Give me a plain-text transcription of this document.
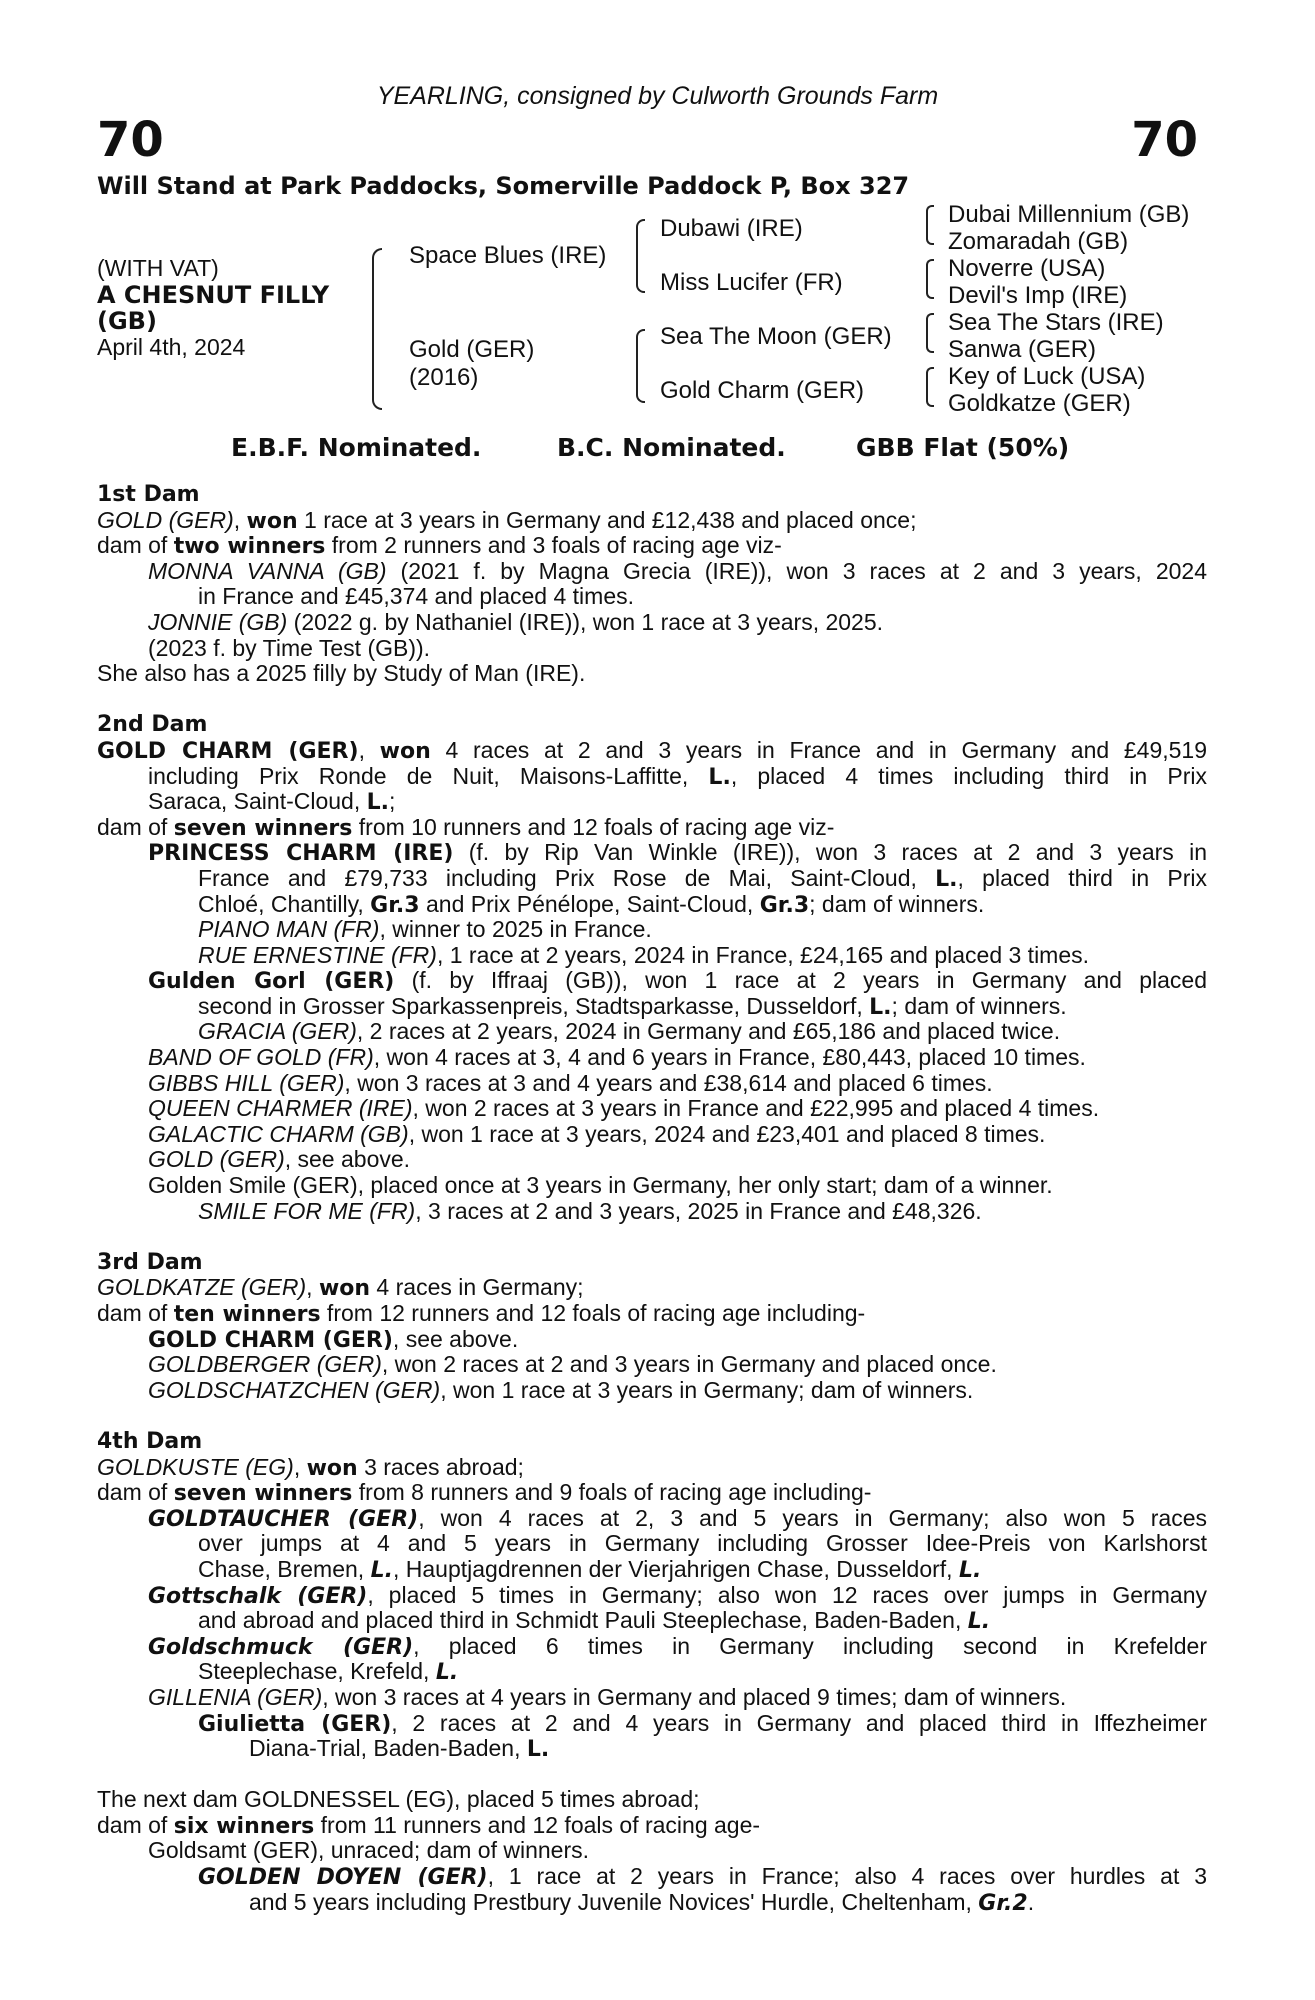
YEARLING, consigned by Culworth Grounds Farm
70	70
Will Stand at Park Paddocks, Somerville Paddock P, Box 327
(WITH VAT)
A CHESNUT FILLY
(GB)
April 4th, 2024
Space Blues (IRE)
Gold (GER)
(2016)
Dubawi (IRE)
Miss Lucifer (FR)
Sea The Moon (GER)
Gold Charm (GER)
Dubai Millennium (GB)
Zomaradah (GB)
Noverre (USA)
Devil's Imp (IRE)
Sea The Stars (IRE)
Sanwa (GER)
Key of Luck (USA)
Goldkatze (GER)
E.B.F. Nominated.	B.C. Nominated.	GBB Flat (50%)
1st Dam
GOLD (GER), won 1 race at 3 years in Germany and £12,438 and placed once;
dam of two winners from 2 runners and 3 foals of racing age viz-
MONNA VANNA (GB) (2021 f. by Magna Grecia (IRE)), won 3 races at 2 and 3 years, 2024
in France and £45,374 and placed 4 times.
JONNIE (GB) (2022 g. by Nathaniel (IRE)), won 1 race at 3 years, 2025.
(2023 f. by Time Test (GB)).
She also has a 2025 filly by Study of Man (IRE).
2nd Dam
GOLD CHARM (GER), won 4 races at 2 and 3 years in France and in Germany and £49,519
including Prix Ronde de Nuit, Maisons-Laffitte, L., placed 4 times including third in Prix
Saraca, Saint-Cloud, L.;
dam of seven winners from 10 runners and 12 foals of racing age viz-
PRINCESS CHARM (IRE) (f. by Rip Van Winkle (IRE)), won 3 races at 2 and 3 years in
France and £79,733 including Prix Rose de Mai, Saint-Cloud, L., placed third in Prix
Chloé, Chantilly, Gr.3 and Prix Pénélope, Saint-Cloud, Gr.3; dam of winners.
PIANO MAN (FR), winner to 2025 in France.
RUE ERNESTINE (FR), 1 race at 2 years, 2024 in France, £24,165 and placed 3 times.
Gulden Gorl (GER) (f. by Iffraaj (GB)), won 1 race at 2 years in Germany and placed
second in Grosser Sparkassenpreis, Stadtsparkasse, Dusseldorf, L.; dam of winners.
GRACIA (GER), 2 races at 2 years, 2024 in Germany and £65,186 and placed twice.
BAND OF GOLD (FR), won 4 races at 3, 4 and 6 years in France, £80,443, placed 10 times.
GIBBS HILL (GER), won 3 races at 3 and 4 years and £38,614 and placed 6 times.
QUEEN CHARMER (IRE), won 2 races at 3 years in France and £22,995 and placed 4 times.
GALACTIC CHARM (GB), won 1 race at 3 years, 2024 and £23,401 and placed 8 times.
GOLD (GER), see above.
Golden Smile (GER), placed once at 3 years in Germany, her only start; dam of a winner.
SMILE FOR ME (FR), 3 races at 2 and 3 years, 2025 in France and £48,326.
3rd Dam
GOLDKATZE (GER), won 4 races in Germany;
dam of ten winners from 12 runners and 12 foals of racing age including-
GOLD CHARM (GER), see above.
GOLDBERGER (GER), won 2 races at 2 and 3 years in Germany and placed once.
GOLDSCHATZCHEN (GER), won 1 race at 3 years in Germany; dam of winners.
4th Dam
GOLDKUSTE (EG), won 3 races abroad;
dam of seven winners from 8 runners and 9 foals of racing age including-
GOLDTAUCHER (GER), won 4 races at 2, 3 and 5 years in Germany; also won 5 races
over jumps at 4 and 5 years in Germany including Grosser Idee-Preis von Karlshorst
Chase, Bremen, L., Hauptjagdrennen der Vierjahrigen Chase, Dusseldorf, L.
Gottschalk (GER), placed 5 times in Germany; also won 12 races over jumps in Germany
and abroad and placed third in Schmidt Pauli Steeplechase, Baden-Baden, L.
Goldschmuck (GER), placed 6 times in Germany including second in Krefelder
Steeplechase, Krefeld, L.
GILLENIA (GER), won 3 races at 4 years in Germany and placed 9 times; dam of winners.
Giulietta (GER), 2 races at 2 and 4 years in Germany and placed third in Iffezheimer
Diana-Trial, Baden-Baden, L.
The next dam GOLDNESSEL (EG), placed 5 times abroad;
dam of six winners from 11 runners and 12 foals of racing age-
Goldsamt (GER), unraced; dam of winners.
GOLDEN DOYEN (GER), 1 race at 2 years in France; also 4 races over hurdles at 3
and 5 years including Prestbury Juvenile Novices' Hurdle, Cheltenham, Gr.2.
